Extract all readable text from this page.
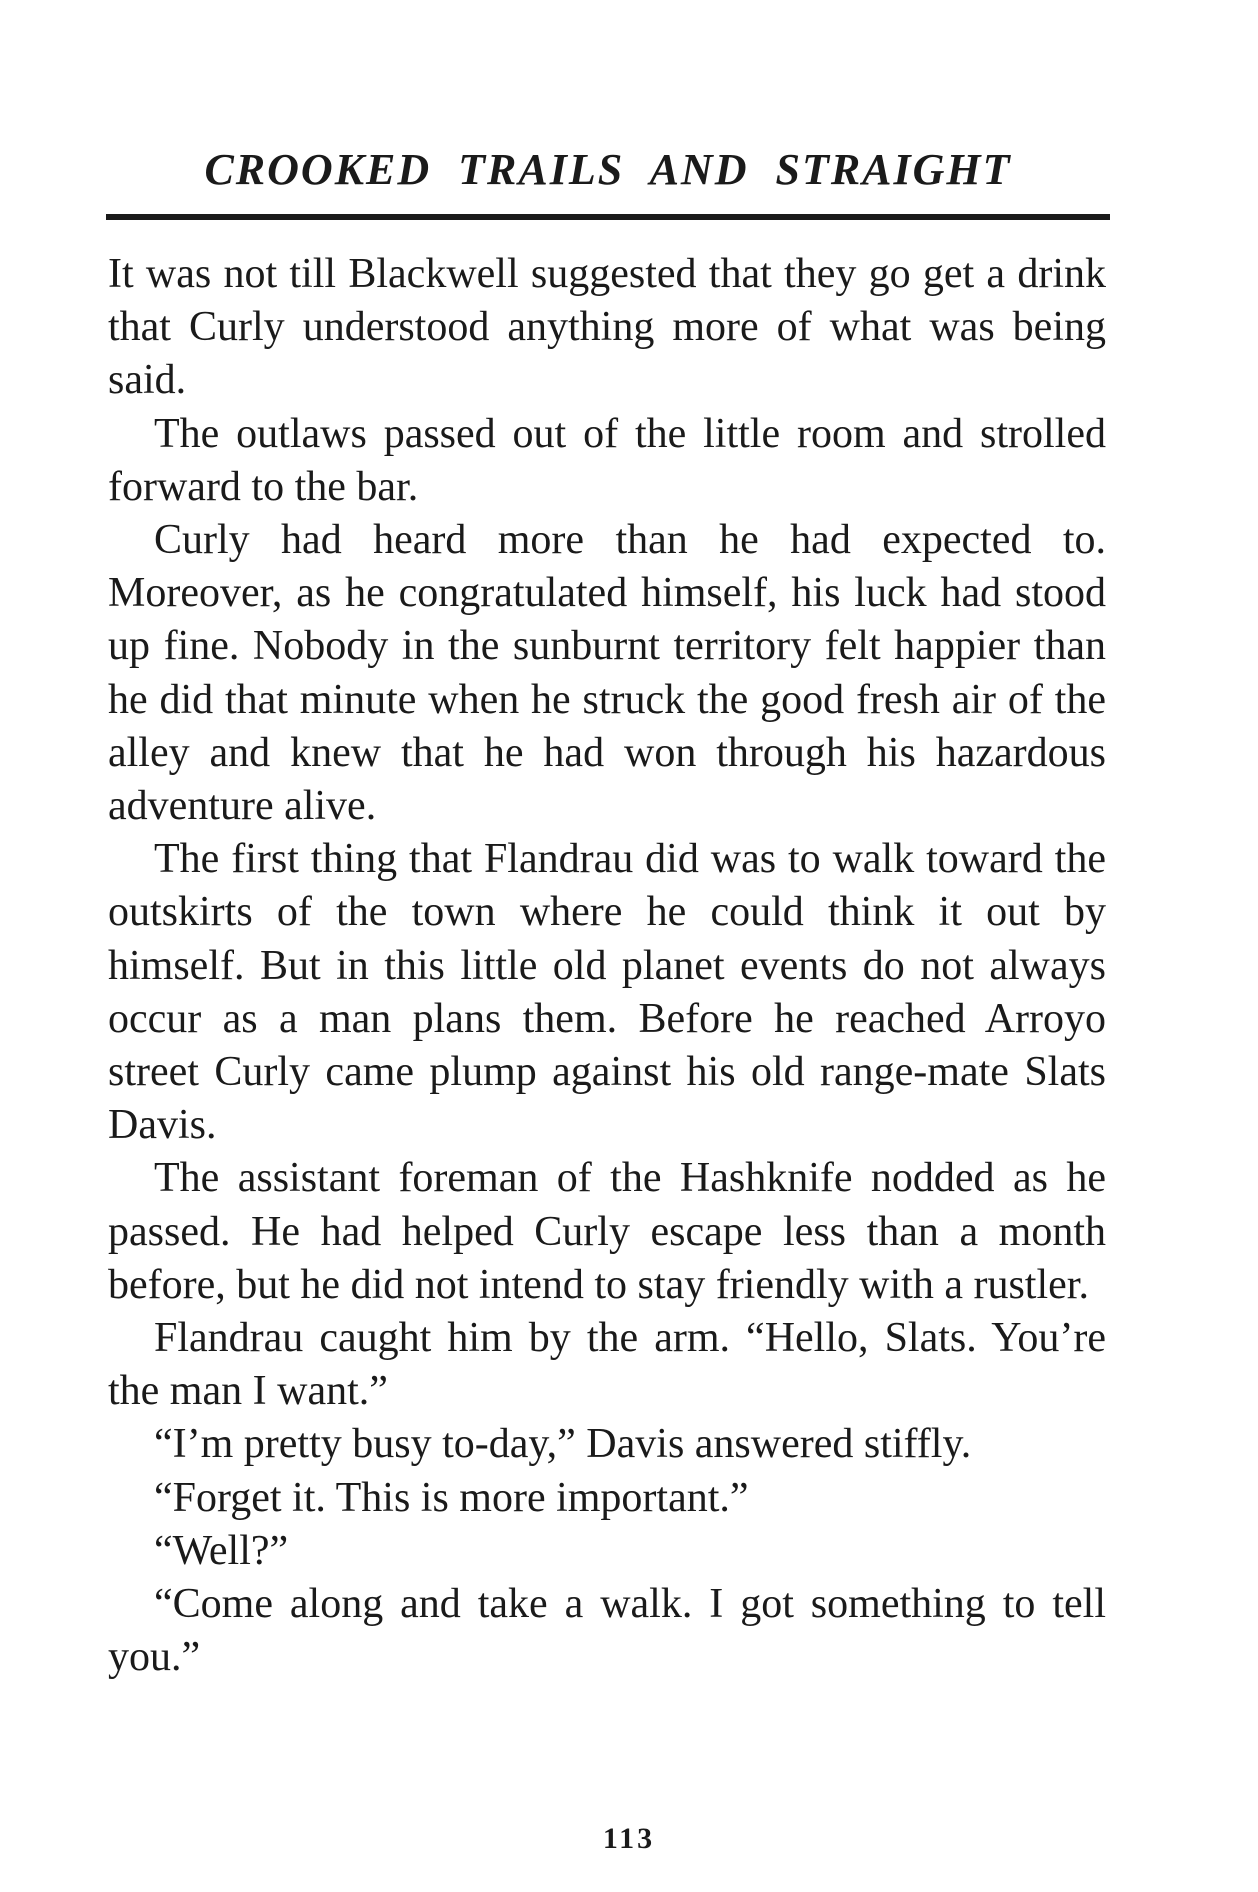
CROOKED TRAILS AND STRAIGHT

It was not till Blackwell suggested that they go get a drink that Curly understood anything more of what was being said.

The outlaws passed out of the little room and strolled forward to the bar.

Curly had heard more than he had expected to. Moreover, as he congratulated himself, his luck had stood up fine. Nobody in the sunburnt territory felt happier than he did that minute when he struck the good fresh air of the alley and knew that he had won through his hazardous adventure alive.

The first thing that Flandrau did was to walk toward the outskirts of the town where he could think it out by himself. But in this little old planet events do not always occur as a man plans them. Before he reached Arroyo street Curly came plump against his old range-mate Slats Davis.

The assistant foreman of the Hashknife nodded as he passed. He had helped Curly escape less than a month before, but he did not intend to stay friendly with a rustler.

Flandrau caught him by the arm. “Hello, Slats. You’re the man I want.”

“I’m pretty busy to-day,” Davis answered stiffly.

“Forget it. This is more important.”

“Well?”

“Come along and take a walk. I got something to tell you.”

113
